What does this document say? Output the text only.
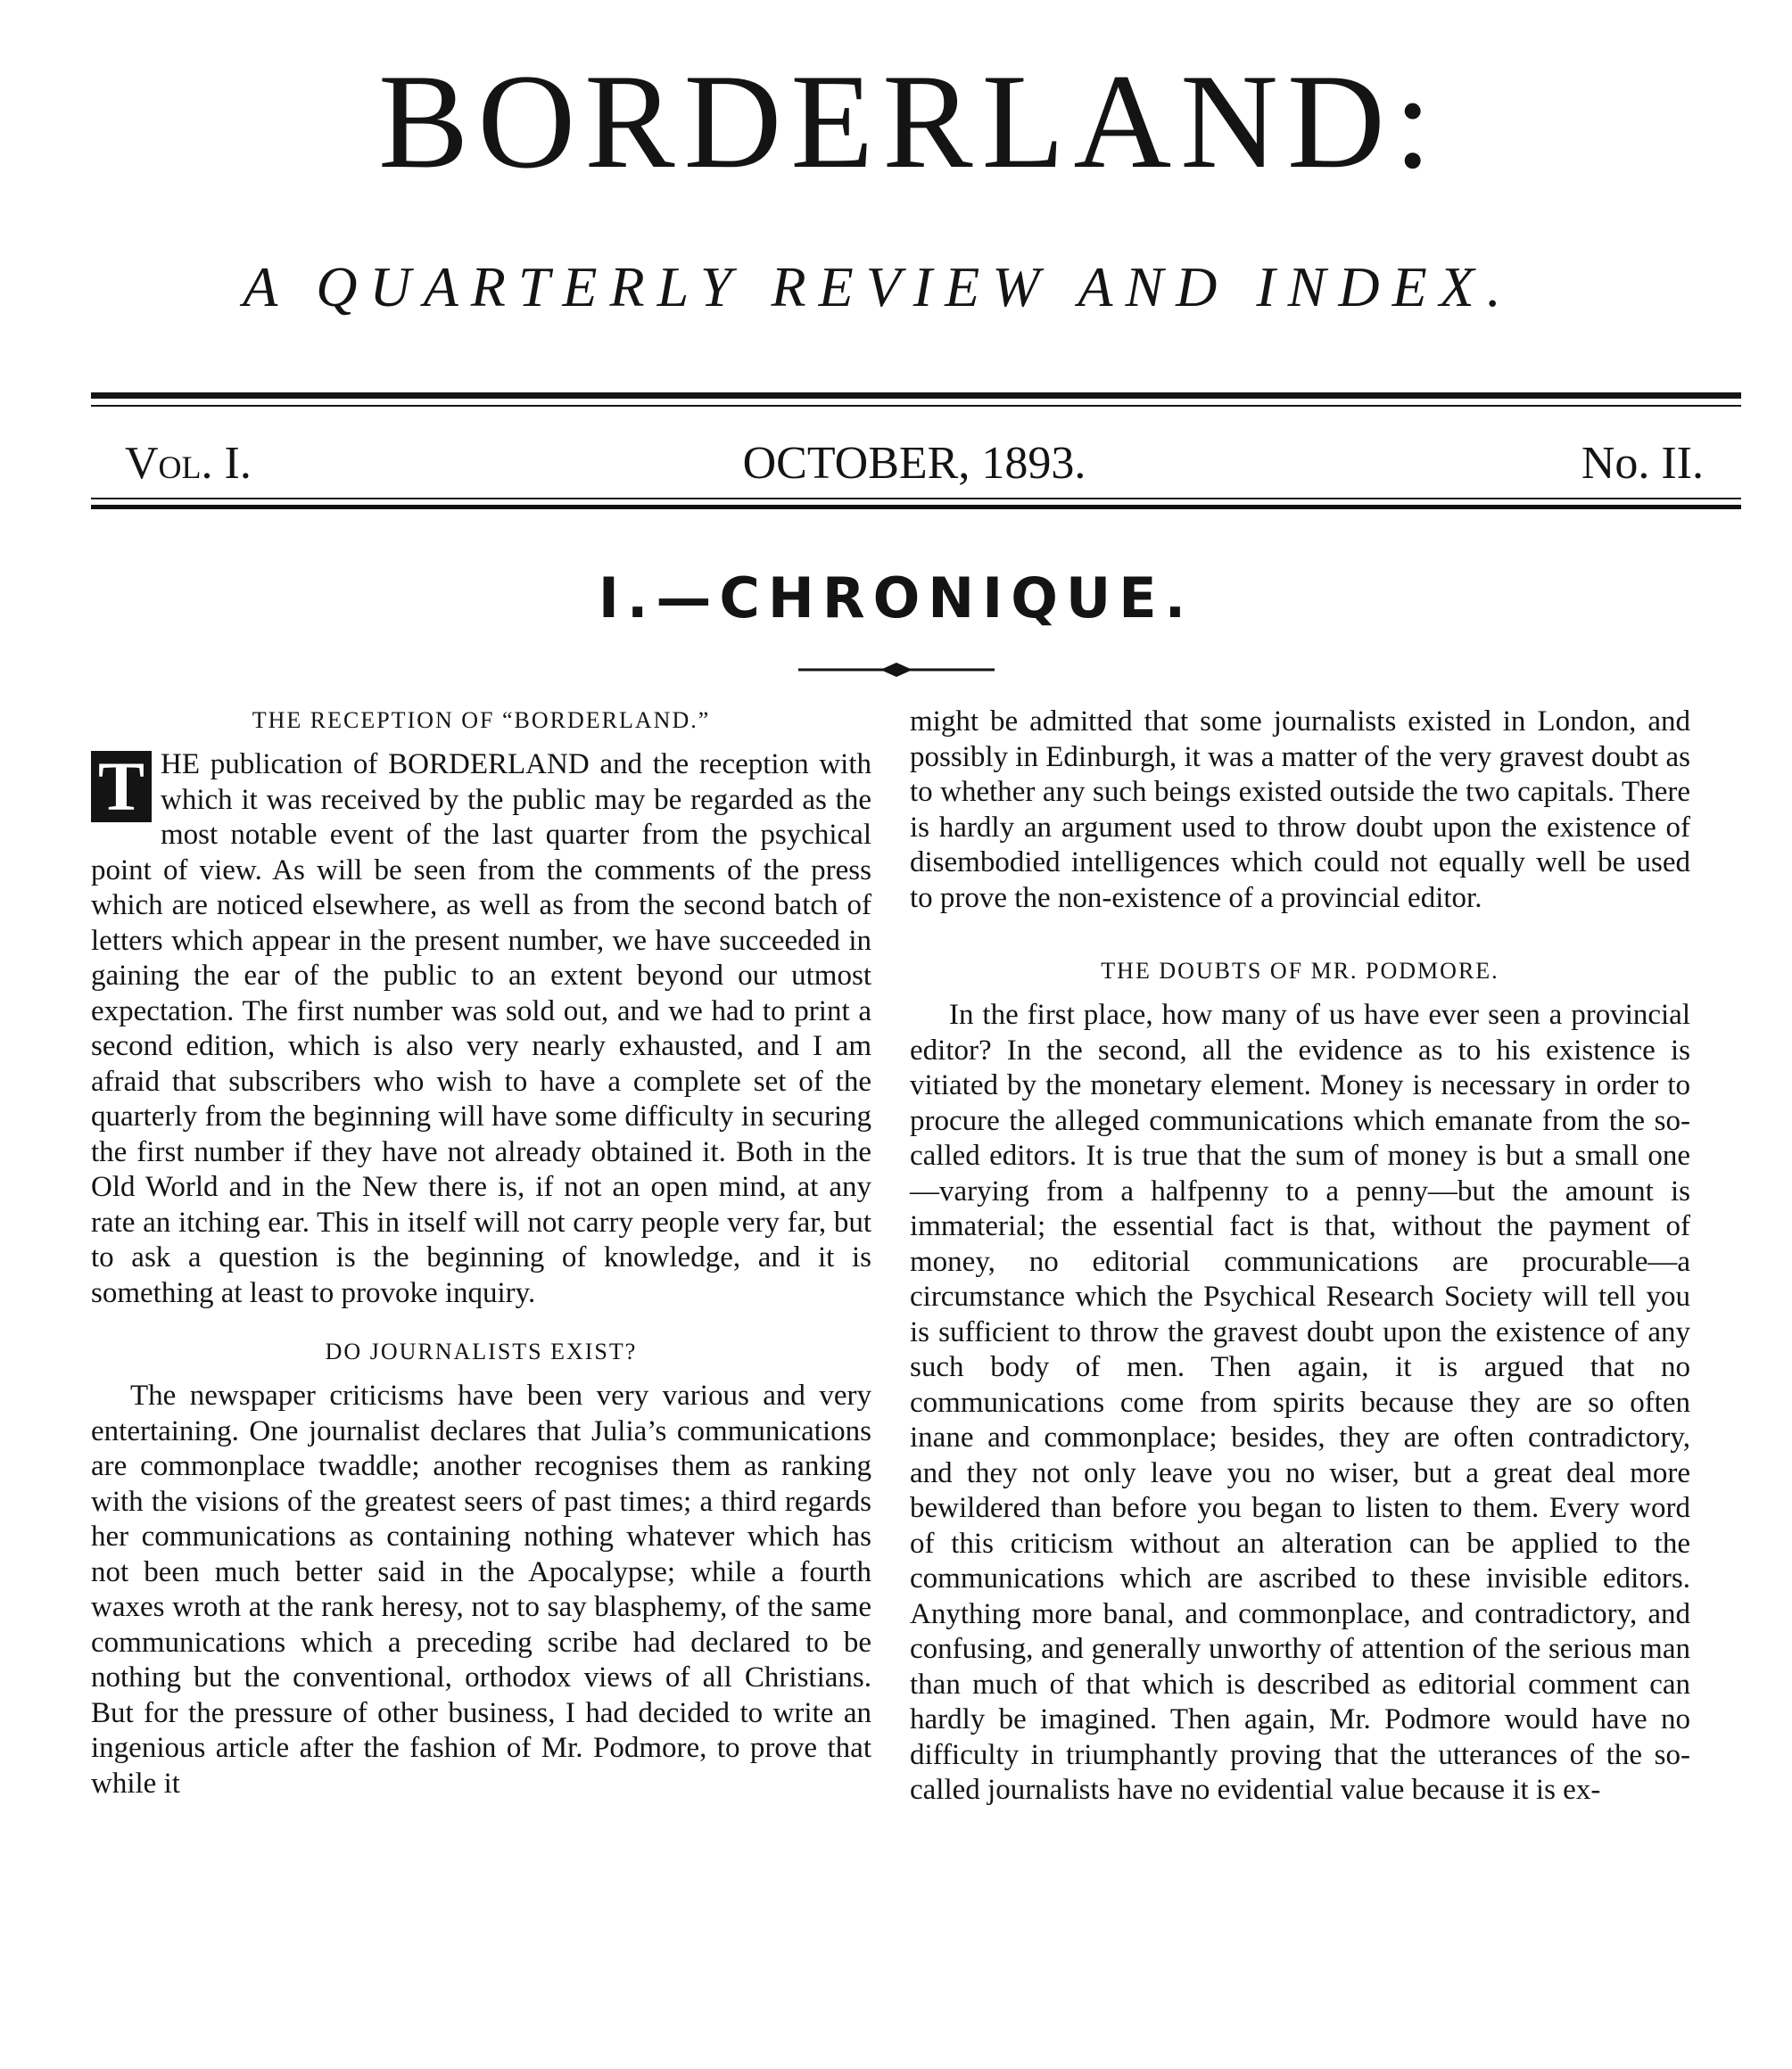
BORDERLAND:
A QUARTERLY REVIEW AND INDEX.
Vol. I.	OCTOBER, 1893.	No. II.
I.—CHRONIQUE.
THE RECEPTION OF “BORDERLAND.”

T HE publication of BORDERLAND and the reception with which it was received by the public may be regarded as the most notable event of the last quarter from the psychical point of view. As will be seen from the comments of the press which are noticed elsewhere, as well as from the second batch of letters which appear in the present number, we have succeeded in gaining the ear of the public to an extent beyond our utmost expectation. The first number was sold out, and we had to print a second edition, which is also very nearly exhausted, and I am afraid that subscribers who wish to have a complete set of the quarterly from the beginning will have some difficulty in securing the first number if they have not already obtained it. Both in the Old World and in the New there is, if not an open mind, at any rate an itching ear. This in itself will not carry people very far, but to ask a question is the beginning of knowledge, and it is something at least to provoke inquiry.

DO JOURNALISTS EXIST?

The newspaper criticisms have been very various and very entertaining. One journalist declares that Julia’s communications are commonplace twaddle; another recognises them as ranking with the visions of the greatest seers of past times; a third regards her communications as containing nothing whatever which has not been much better said in the Apocalypse; while a fourth waxes wroth at the rank heresy, not to say blasphemy, of the same communications which a preceding scribe had declared to be nothing but the conventional, orthodox views of all Christians. But for the pressure of other business, I had decided to write an ingenious article after the fashion of Mr. Podmore, to prove that while it

might be admitted that some journalists existed in London, and possibly in Edinburgh, it was a matter of the very gravest doubt as to whether any such beings existed outside the two capitals. There is hardly an argument used to throw doubt upon the existence of disembodied intelligences which could not equally well be used to prove the non-existence of a provincial editor.

THE DOUBTS OF MR. PODMORE.

In the first place, how many of us have ever seen a provincial editor? In the second, all the evidence as to his existence is vitiated by the monetary element. Money is necessary in order to procure the alleged communications which emanate from the so-called editors. It is true that the sum of money is but a small one—varying from a halfpenny to a penny—but the amount is immaterial; the essential fact is that, without the payment of money, no editorial communications are procurable—a circumstance which the Psychical Research Society will tell you is sufficient to throw the gravest doubt upon the existence of any such body of men. Then again, it is argued that no communications come from spirits because they are so often inane and commonplace; besides, they are often contradictory, and they not only leave you no wiser, but a great deal more bewildered than before you began to listen to them. Every word of this criticism without an alteration can be applied to the communications which are ascribed to these invisible editors. Anything more banal, and commonplace, and contradictory, and confusing, and generally unworthy of attention of the serious man than much of that which is described as editorial comment can hardly be imagined. Then again, Mr. Podmore would have no difficulty in triumphantly proving that the utterances of the so-called journalists have no evidential value because it is ex-
